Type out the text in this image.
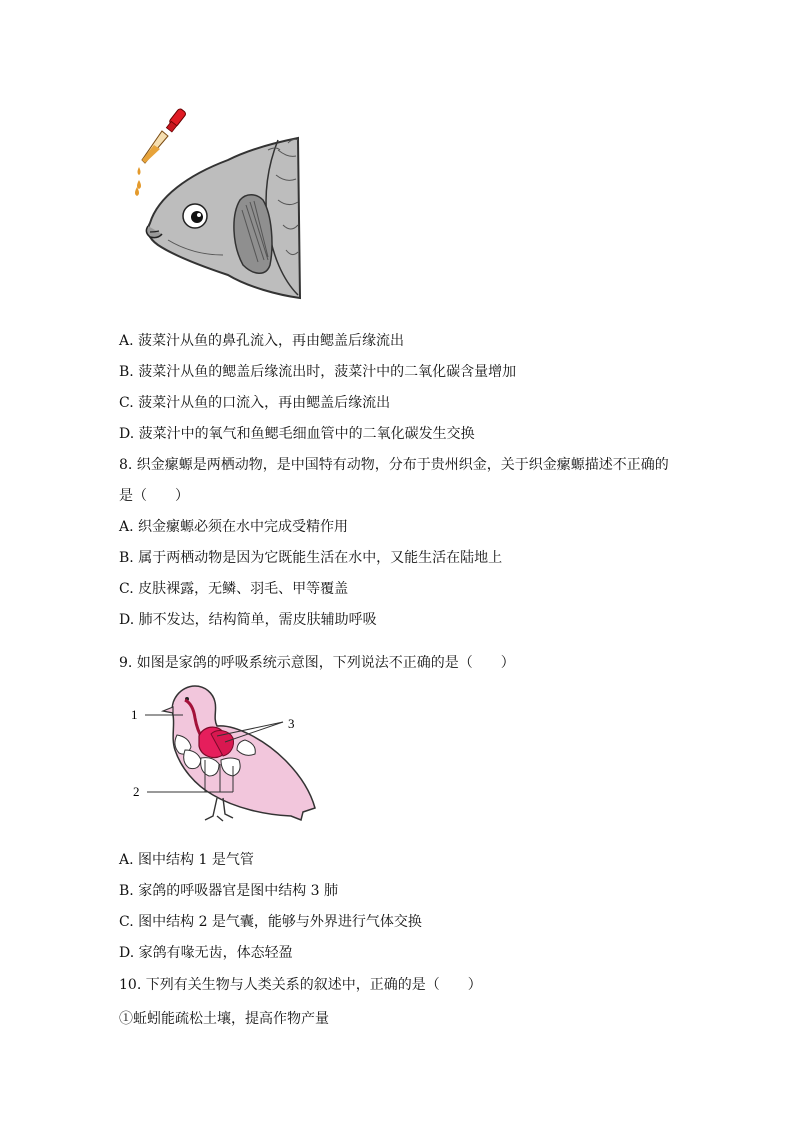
A. 菠菜汁从鱼的鼻孔流入，再由鳃盖后缘流出
B. 菠菜汁从鱼的鳃盖后缘流出时，菠菜汁中的二氧化碳含量增加
C. 菠菜汁从鱼的口流入，再由鳃盖后缘流出
D. 菠菜汁中的氧气和鱼鳃毛细血管中的二氧化碳发生交换
8. 织金瘰螈是两栖动物，是中国特有动物，分布于贵州织金，关于织金瘰螈描述不正确的
是（　　）
A. 织金瘰螈必须在水中完成受精作用
B. 属于两栖动物是因为它既能生活在水中，又能生活在陆地上
C. 皮肤裸露，无鳞、羽毛、甲等覆盖
D. 肺不发达，结构简单，需皮肤辅助呼吸
9. 如图是家鸽的呼吸系统示意图，下列说法不正确的是（　　）
1
2
3
A. 图中结构 1 是气管
B. 家鸽的呼吸器官是图中结构 3 肺
C. 图中结构 2 是气囊，能够与外界进行气体交换
D. 家鸽有喙无齿，体态轻盈
10. 下列有关生物与人类关系的叙述中，正确的是（　　）
①蚯蚓能疏松土壤，提高作物产量
